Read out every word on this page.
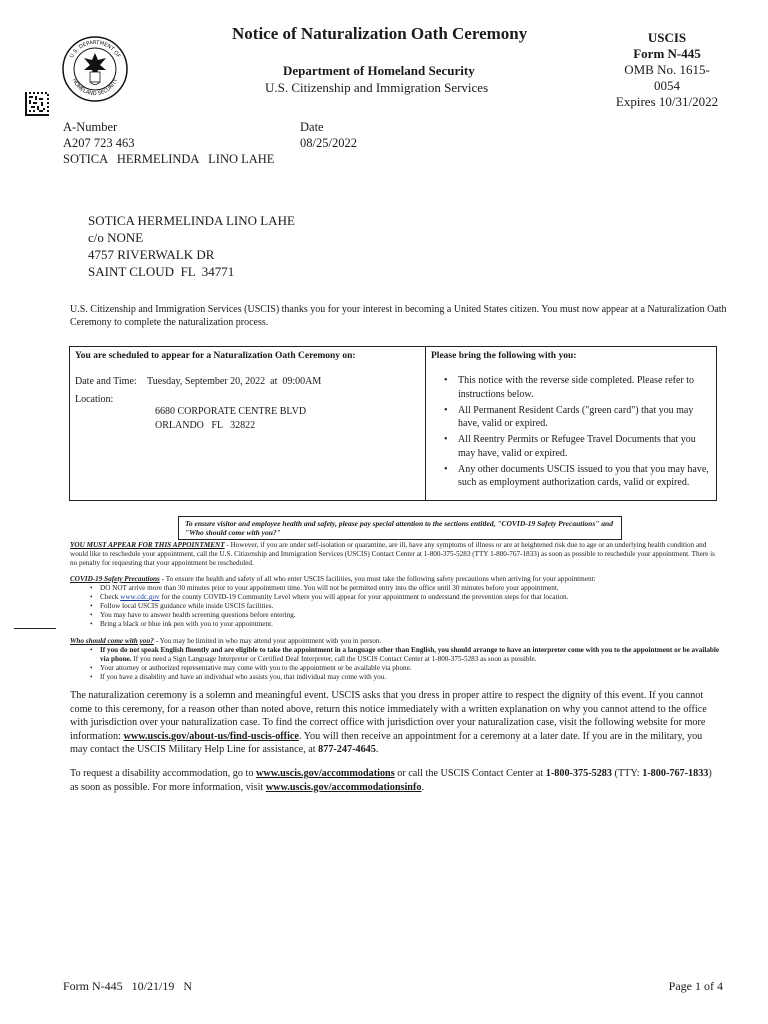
U.S. DEPARTMENT OF
HOMELAND SECURITY
Notice of Naturalization Oath Ceremony
Department of Homeland Security
U.S. Citizenship and Immigration Services
USCIS
Form N-445
OMB No. 1615-0054
Expires 10/31/2022
A-Number
A207 723 463
SOTICA   HERMELINDA   LINO LAHE
Date
08/25/2022
SOTICA HERMELINDA LINO LAHE
c/o NONE
4757 RIVERWALK DR
SAINT CLOUD  FL  34771
U.S. Citizenship and Immigration Services (USCIS) thanks you for your interest in becoming a United States citizen. You must now appear at a Naturalization Oath Ceremony to complete the naturalization process.
You are scheduled to appear for a Naturalization Oath Ceremony on:
Date and Time: Tuesday, September 20, 2022  at  09:00AM
Location:
6680 CORPORATE CENTRE BLVD
ORLANDO   FL   32822
Please bring the following with you:
• This notice with the reverse side completed. Please refer to instructions below.
• All Permanent Resident Cards ("green card") that you may have, valid or expired.
• All Reentry Permits or Refugee Travel Documents that you may have, valid or expired.
• Any other documents USCIS issued to you that you may have, such as employment authorization cards, valid or expired.
To ensure visitor and employee health and safety, please pay special attention to the sections entitled, "COVID-19 Safety Precautions" and "Who should come with you?"
YOU MUST APPEAR FOR THIS APPOINTMENT - However, if you are under self-isolation or quarantine, are ill, have any symptoms of illness or are at heightened risk due to age or an underlying health condition and would like to reschedule your appointment, call the U.S. Citizenship and Immigration Services (USCIS) Contact Center at 1-800-375-5283 (TTY 1-800-767-1833) as soon as possible to reschedule your appointment. There is no penalty for requesting that your appointment be rescheduled.
COVID-19 Safety Precautions - To ensure the health and safety of all who enter USCIS facilities, you must take the following safety precautions when arriving for your appointment:
• DO NOT arrive more than 30 minutes prior to your appointment time. You will not be permitted entry into the office until 30 minutes before your appointment.
• Check www.cdc.gov for the county COVID-19 Community Level where you will appear for your appointment to understand the prevention steps for that location.
• Follow local USCIS guidance while inside USCIS facilities.
• You may have to answer health screening questions before entering.
• Bring a black or blue ink pen with you to your appointment.
Who should come with you? - You may be limited in who may attend your appointment with you in person.
• If you do not speak English fluently and are eligible to take the appointment in a language other than English, you should arrange to have an interpreter come with you to the appointment or be available via phone. If you need a Sign Language Interpreter or Certified Deaf Interpreter, call the USCIS Contact Center at 1-800-375-5283 as soon as possible.
• Your attorney or authorized representative may come with you to the appointment or be available via phone.
• If you have a disability and have an individual who assists you, that individual may come with you.
The naturalization ceremony is a solemn and meaningful event. USCIS asks that you dress in proper attire to respect the dignity of this event. If you cannot come to this ceremony, for a reason other than noted above, return this notice immediately with a written explanation on why you cannot attend to the office with jurisdiction over your naturalization case. To find the correct office with jurisdiction over your naturalization case, visit the following website for more information: www.uscis.gov/about-us/find-uscis-office. You will then receive an appointment for a ceremony at a later date. If you are in the military, you may contact the USCIS Military Help Line for assistance, at 877-247-4645.
To request a disability accommodation, go to www.uscis.gov/accommodations or call the USCIS Contact Center at 1-800-375-5283 (TTY: 1-800-767-1833) as soon as possible. For more information, visit www.uscis.gov/accommodationsinfo.
Form N-445   10/21/19   N	Page 1 of 4
